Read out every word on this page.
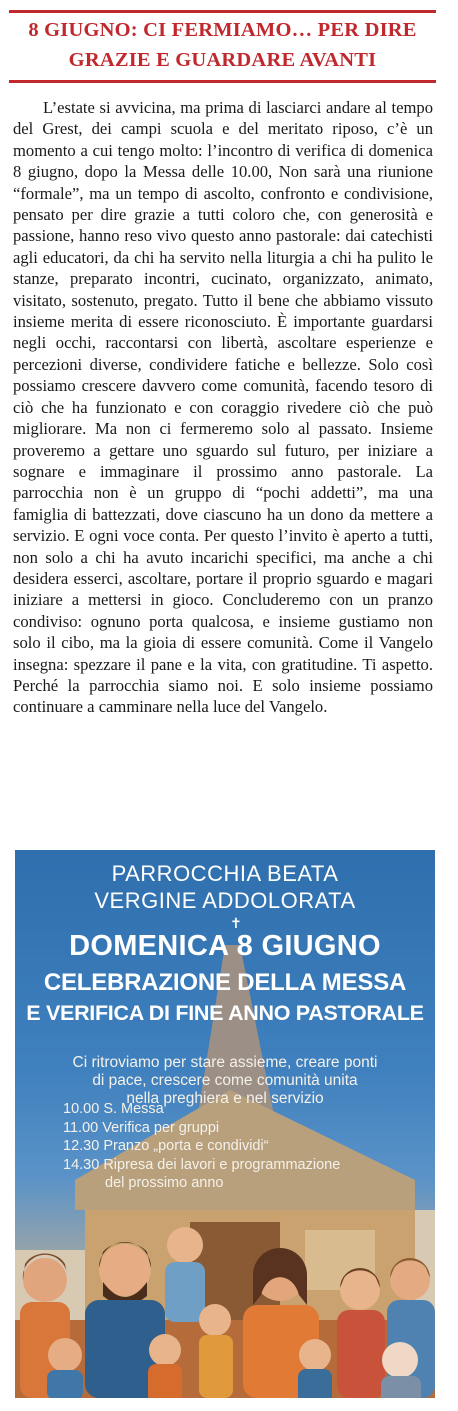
8 GIUGNO: CI FERMIAMO… PER DIRE
GRAZIE E GUARDARE AVANTI

L’estate si avvicina, ma prima di lasciarci andare al tempo del Grest, dei campi scuola e del meritato riposo, c’è un momento a cui tengo molto: l’incontro di verifica di domenica 8 giugno, dopo la Messa delle 10.00, Non sarà una riunione “formale”, ma un tempo di ascolto, confronto e condivisione, pensato per dire grazie a tutti coloro che, con generosità e passione, hanno reso vivo questo anno pastorale: dai catechisti agli educatori, da chi ha servito nella liturgia a chi ha pulito le stanze, preparato incontri, cucinato, organizzato, animato, visitato, sostenuto, pregato. Tutto il bene che abbiamo vissuto insieme merita di essere riconosciuto. È importante guardarsi negli occhi, raccontarsi con libertà, ascoltare esperienze e percezioni diverse, condividere fatiche e bellezze. Solo così possiamo crescere davvero come comunità, facendo tesoro di ciò che ha funzionato e con coraggio rivedere ciò che può migliorare. Ma non ci fermeremo solo al passato. Insieme proveremo a gettare uno sguardo sul futuro, per iniziare a sognare e immaginare il prossimo anno pastorale. La parrocchia non è un gruppo di “pochi addetti”, ma una famiglia di battezzati, dove ciascuno ha un dono da mettere a servizio. E ogni voce conta. Per questo l’invito è aperto a tutti, non solo a chi ha avuto incarichi specifici, ma anche a chi desidera esserci, ascoltare, portare il proprio sguardo e magari iniziare a mettersi in gioco. Concluderemo con un pranzo condiviso: ognuno porta qualcosa, e insieme gustiamo non solo il cibo, ma la gioia di essere comunità. Come il Vangelo insegna: spezzare il pane e la vita, con gratitudine. Ti aspetto. Perché la parrocchia siamo noi. E solo insieme possiamo continuare a camminare nella luce del Vangelo.

PARROCCHIA BEATA
VERGINE ADDOLORATA
✝
DOMENICA 8 GIUGNO
CELEBRAZIONE DELLA MESSA
E VERIFICA DI FINE ANNO PASTORALE
Ci ritroviamo per stare assieme, creare ponti
di pace, crescere come comunità unita
nella preghiera e nel servizio
10.00 S. Messa
11.00 Verifica per gruppi
12.30 Pranzo „porta e condividi“
14.30 Ripresa dei lavori e programmazione
del prossimo anno
